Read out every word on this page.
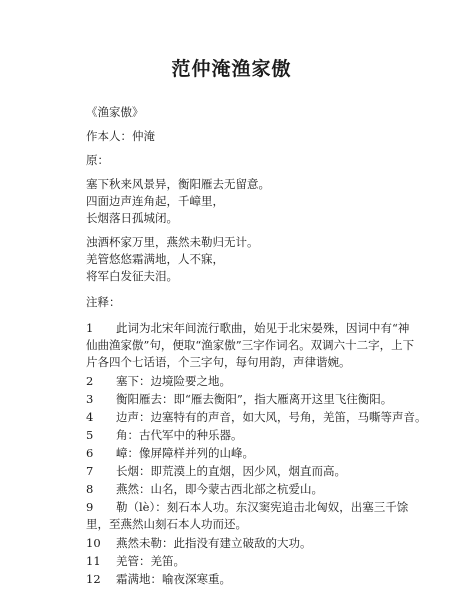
范仲淹渔家傲
《渔家傲》
作本人：仲淹
原：
塞下秋来风景异，衡阳雁去无留意。
四面边声连角起，千嶂里，
长烟落日孤城闭。
浊酒杯家万里，燕然未勒归无计。
羌管悠悠霜满地，人不寐，
将军白发征夫泪。
注释：
1 此词为北宋年间流行歌曲，始见于北宋晏殊，因词中有“神
仙曲渔家傲”句，便取“渔家傲”三字作词名。双调六十二字，上下
片各四个七话语，个三字句，每句用韵，声律谐婉。
2 塞下：边境险要之地。
3 衡阳雁去：即“雁去衡阳”，指大雁离开这里飞往衡阳。
4 边声：边塞特有的声音，如大风，号角，羌笛，马嘶等声音。
5 角：古代军中的种乐器。
6 嶂：像屏障样并列的山峰。
7 长烟：即荒漠上的直烟，因少风，烟直而高。
8 燕然：山名，即今蒙古西北部之杭爱山。
9 勒（lè）：刻石本人功。东汉窦宪追击北匈奴，出塞三千馀
里，至燕然山刻石本人功而还。
10 燕然未勒：此指没有建立破敌的大功。
11 羌管：羌笛。
12 霜满地：喻夜深寒重。
